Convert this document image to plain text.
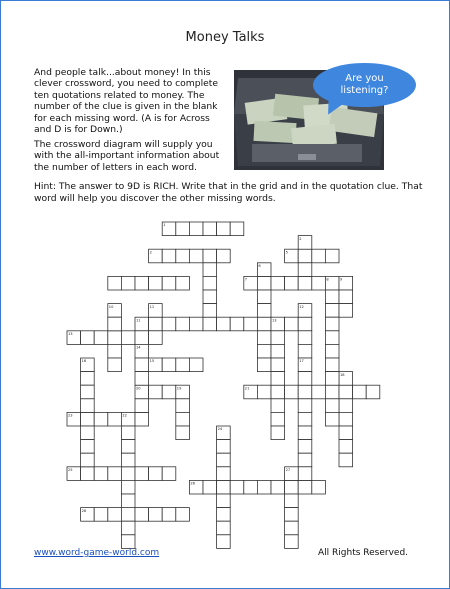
Money Talks

And people talk...about money! In this clever crossword, you need to complete ten quotations related to money. The number of the clue is given in the blank for each missing word. (A is for Across and D is for Down.)

The crossword diagram will supply you with the all-important information about the number of letters in each word.

Hint: The answer to 9D is RICH. Write that in the grid and in the quotation clue. That word will help you discover the other missing words.

Are you listening?
1
2	5
7
11
13
15
20	21
23
25
26
28
2
6
8	9
10	11	12
13
14
16	17
18
19
22
24
27
www.word-game-world.com	All Rights Reserved.
